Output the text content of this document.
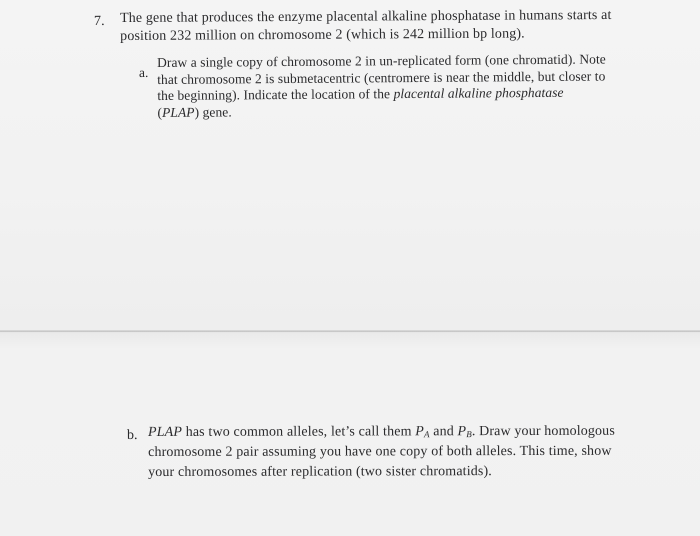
7. The gene that produces the enzyme placental alkaline phosphatase in humans starts at
position 232 million on chromosome 2 (which is 242 million bp long).
a.
Draw a single copy of chromosome 2 in un-replicated form (one chromatid). Note
that chromosome 2 is submetacentric (centromere is near the middle, but closer to
the beginning). Indicate the location of the placental alkaline phosphatase
(PLAP) gene.
b. PLAP has two common alleles, let’s call them $P_A$ and $P_B$. Draw your homologous
chromosome 2 pair assuming you have one copy of both alleles. This time, show
your chromosomes after replication (two sister chromatids).
